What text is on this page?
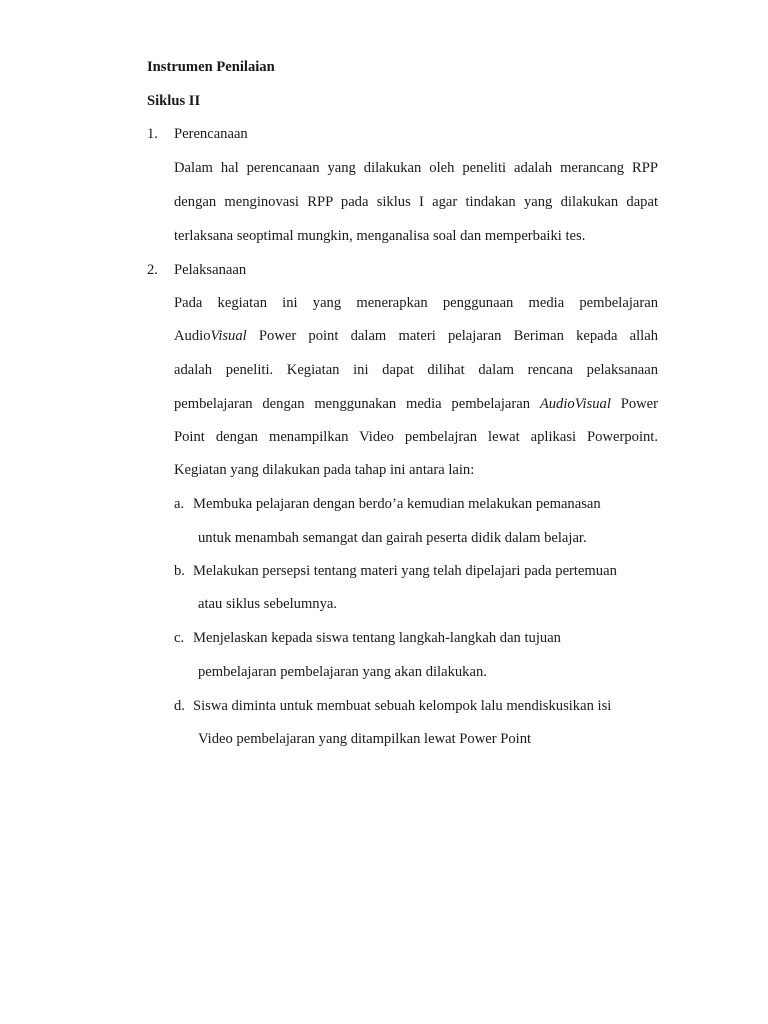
Instrumen Penilaian
Siklus II
1. Perencanaan
Dalam hal perencanaan yang dilakukan oleh peneliti adalah merancang RPP
dengan menginovasi RPP pada siklus I agar tindakan yang dilakukan dapat
terlaksana seoptimal mungkin, menganalisa soal dan memperbaiki tes.
2. Pelaksanaan
Pada kegiatan ini yang menerapkan penggunaan media pembelajaran
AudioVisual Power point dalam materi pelajaran Beriman kepada allah
adalah peneliti. Kegiatan ini dapat dilihat dalam rencana pelaksanaan
pembelajaran dengan menggunakan media pembelajaran AudioVisual Power
Point dengan menampilkan Video pembelajran lewat aplikasi Powerpoint.
Kegiatan yang dilakukan pada tahap ini antara lain:
a. Membuka pelajaran dengan berdo’a kemudian melakukan pemanasan
untuk menambah semangat dan gairah peserta didik dalam belajar.
b. Melakukan persepsi tentang materi yang telah dipelajari pada pertemuan
atau siklus sebelumnya.
c. Menjelaskan kepada siswa tentang langkah-langkah dan tujuan
pembelajaran pembelajaran yang akan dilakukan.
d. Siswa diminta untuk membuat sebuah kelompok lalu mendiskusikan isi
Video pembelajaran yang ditampilkan lewat Power Point
